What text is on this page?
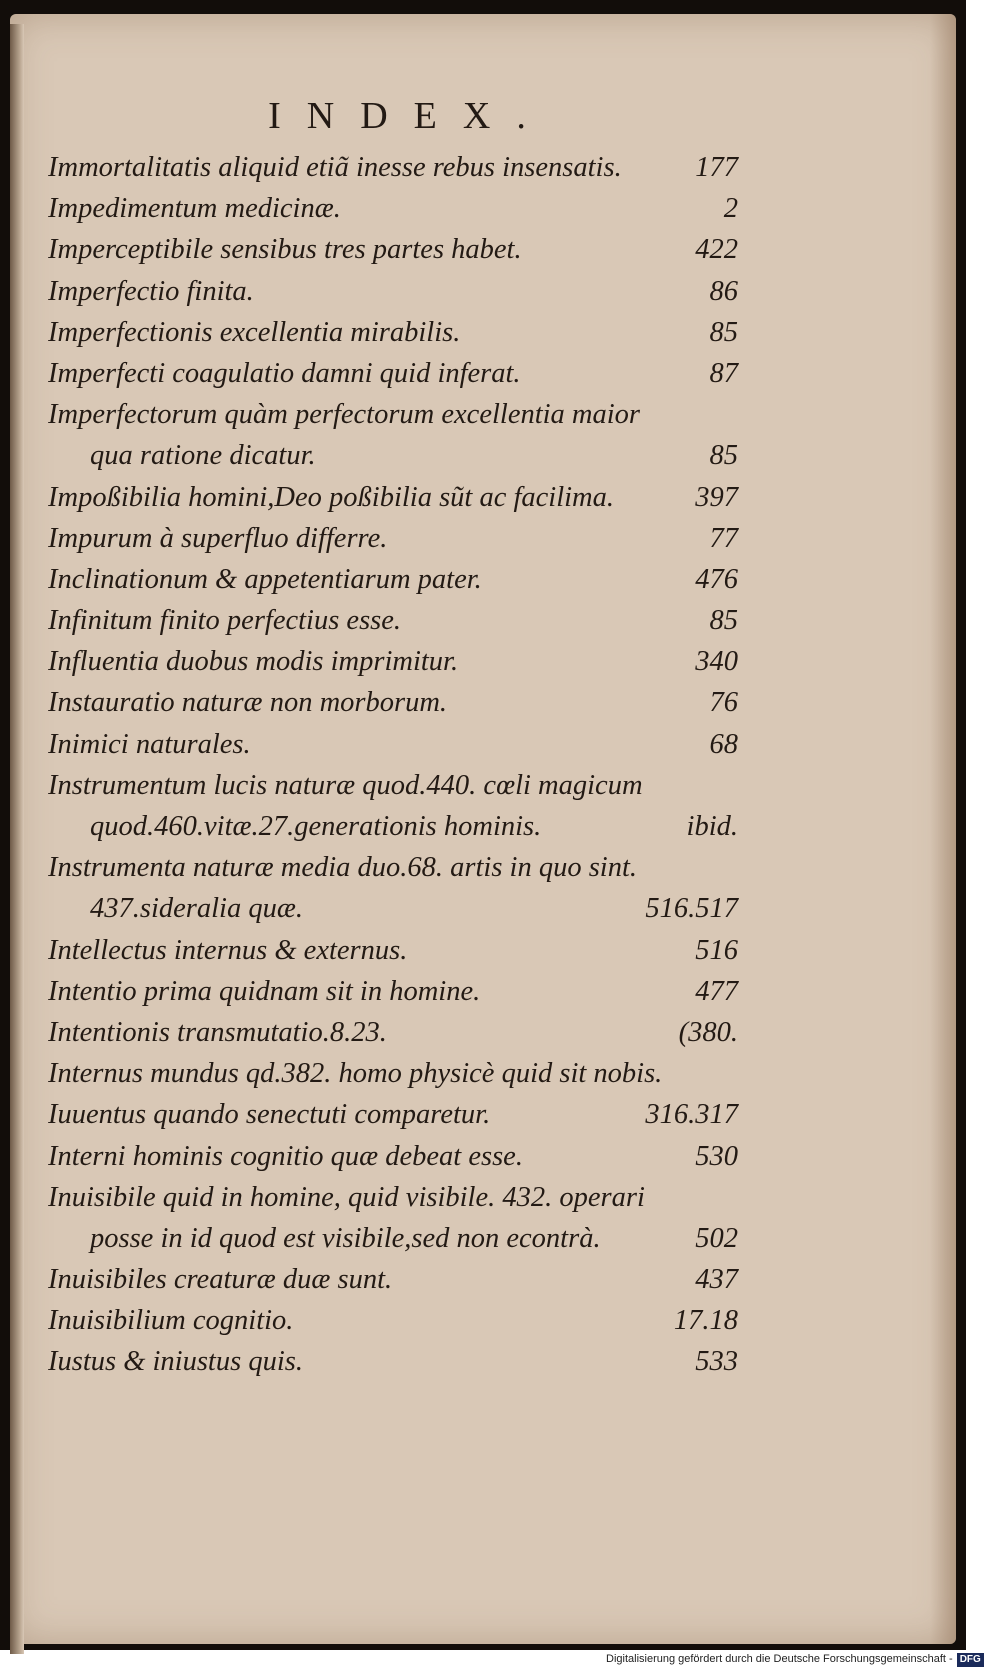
INDEX.
Immortalitatis aliquid etiã inesse rebus insensatis.	177
Impedimentum medicinæ.	2
Imperceptibile sensibus tres partes habet.	422
Imperfectio finita.	86
Imperfectionis excellentia mirabilis.	85
Imperfecti coagulatio damni quid inferat.	87
Imperfectorum quàm perfectorum excellentia maior
qua ratione dicatur.	85
Impoßibilia homini,Deo poßibilia sũt ac facilima.	397
Impurum à superfluo differre.	77
Inclinationum & appetentiarum pater.	476
Infinitum finito perfectius esse.	85
Influentia duobus modis imprimitur.	340
Instauratio naturæ non morborum.	76
Inimici naturales.	68
Instrumentum lucis naturæ quod.440. cœli magicum
quod.460.vitæ.27.generationis hominis.	ibid.
Instrumenta naturæ media duo.68. artis in quo sint.
437.sideralia quæ.	516.517
Intellectus internus & externus.	516
Intentio prima quidnam sit in homine.	477
Intentionis transmutatio.8.23.	(380.
Internus mundus qd.382. homo physicè quid sit nobis.
Iuuentus quando senectuti comparetur.	316.317
Interni hominis cognitio quæ debeat esse.	530
Inuisibile quid in homine, quid visibile. 432. operari
posse in id quod est visibile,sed non econtrà.	502
Inuisibiles creaturæ duæ sunt.	437
Inuisibilium cognitio.	17.18
Iustus & iniustus quis.	533
Digitalisierung gefördert durch die Deutsche Forschungsgemeinschaft - DFG
